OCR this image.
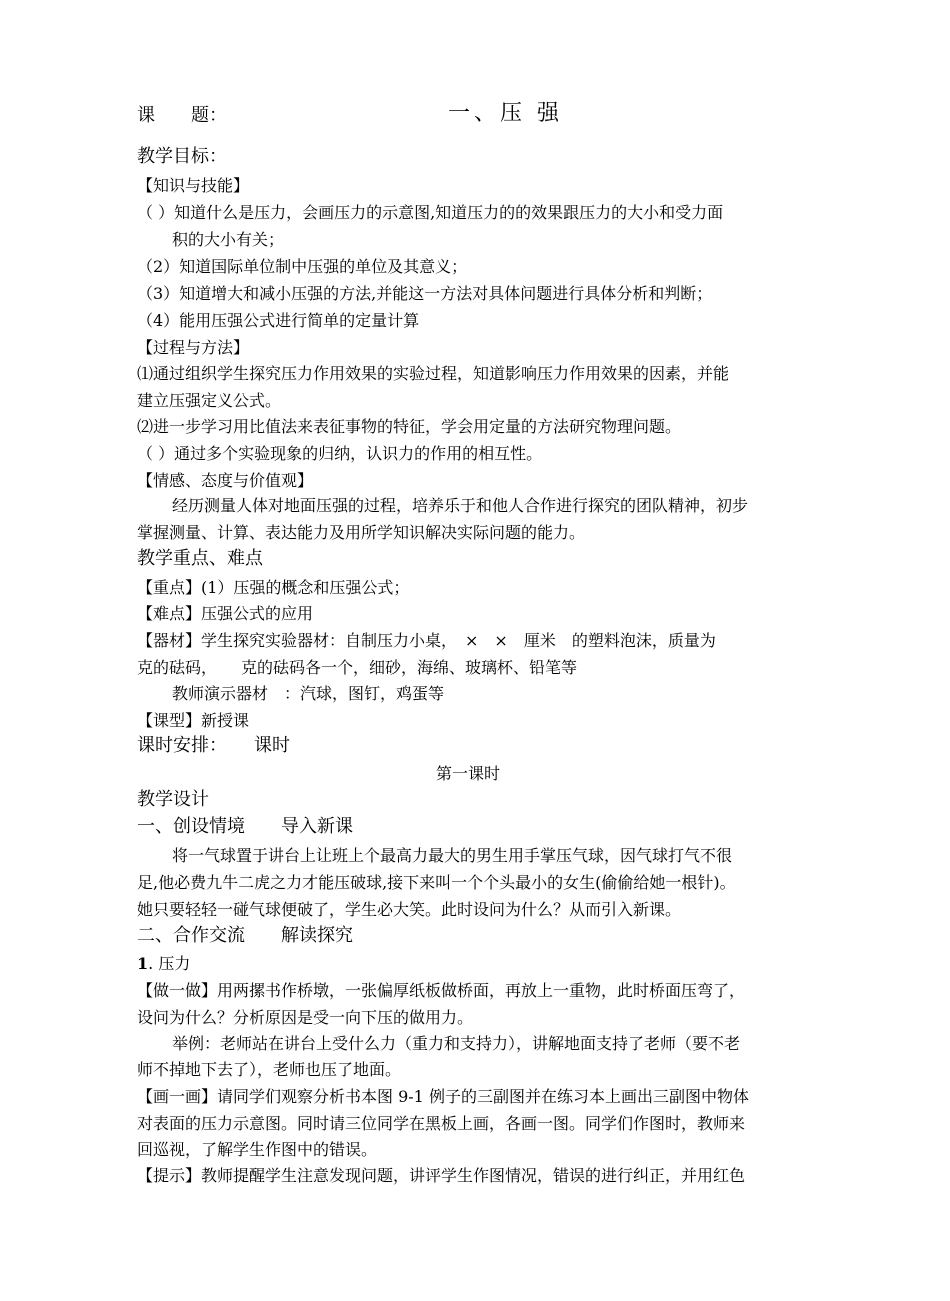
课　　题：	一、压 强
教学目标：
【知识与技能】
（ ）知道什么是压力，会画压力的示意图,知道压力的的效果跟压力的大小和受力面
积的大小有关；
（2）知道国际单位制中压强的单位及其意义；
（3）知道增大和减小压强的方法,并能这一方法对具体问题进行具体分析和判断；
（4）能用压强公式进行简单的定量计算
【过程与方法】
⑴通过组织学生探究压力作用效果的实验过程，知道影响压力作用效果的因素，并能
建立压强定义公式。
⑵进一步学习用比值法来表征事物的特征，学会用定量的方法研究物理问题。
（ ）通过多个实验现象的归纳，认识力的作用的相互性。
【情感、态度与价值观】
经历测量人体对地面压强的过程，培养乐于和他人合作进行探究的团队精神，初步
掌握测量、计算、表达能力及用所学知识解决实际问题的能力。
教学重点、难点
【重点】(1）压强的概念和压强公式；
【难点】压强公式的应用
【器材】学生探究实验器材：自制压力小桌，　×　×　厘米　的塑料泡沫，质量为
克的砝码，　　克的砝码各一个，细砂，海绵、玻璃杯、铅笔等
教师演示器材　：汽球，图钉，鸡蛋等
【课型】新授课
课时安排：　　课时
第一课时
教学设计
一、创设情境　　导入新课
将一气球置于讲台上让班上个最高力最大的男生用手掌压气球，因气球打气不很
足,他必费九牛二虎之力才能压破球,接下来叫一个个头最小的女生(偷偷给她一根针)。
她只要轻轻一碰气球便破了，学生必大笑。此时设问为什么？从而引入新课。
二、合作交流　　解读探究
1. 压力
【做一做】用两摞书作桥墩，一张偏厚纸板做桥面，再放上一重物，此时桥面压弯了，
设问为什么？分析原因是受一向下压的做用力。
举例：老师站在讲台上受什么力（重力和支持力），讲解地面支持了老师（要不老
师不掉地下去了），老师也压了地面。
【画一画】请同学们观察分析书本图 9-1 例子的三副图并在练习本上画出三副图中物体
对表面的压力示意图。同时请三位同学在黑板上画，各画一图。同学们作图时，教师来
回巡视，了解学生作图中的错误。
【提示】教师提醒学生注意发现问题，讲评学生作图情况，错误的进行纠正，并用红色
